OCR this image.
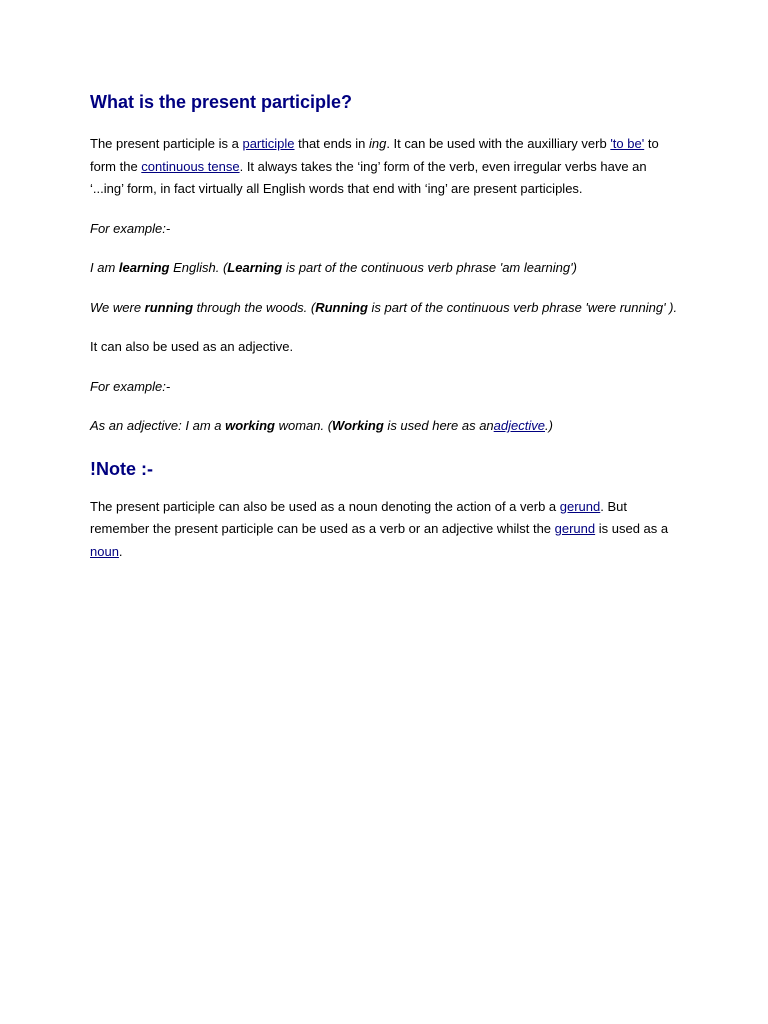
What is the present participle?

The present participle is a participle that ends in ing. It can be used with the auxilliary verb 'to be' to form the continuous tense. It always takes the ‘ing’ form of the verb, even irregular verbs have an ‘...ing’ form, in fact virtually all English words that end with ‘ing’ are present participles.

For example:-

I am learning English. (Learning is part of the continuous verb phrase 'am learning')

We were running through the woods. (Running is part of the continuous verb phrase 'were running' ).

It can also be used as an adjective.

For example:-

As an adjective: I am a working woman. (Working is used here as anadjective.)

!Note :-

The present participle can also be used as a noun denoting the action of a verb a gerund. But remember the present participle can be used as a verb or an adjective whilst the gerund is used as a noun.
